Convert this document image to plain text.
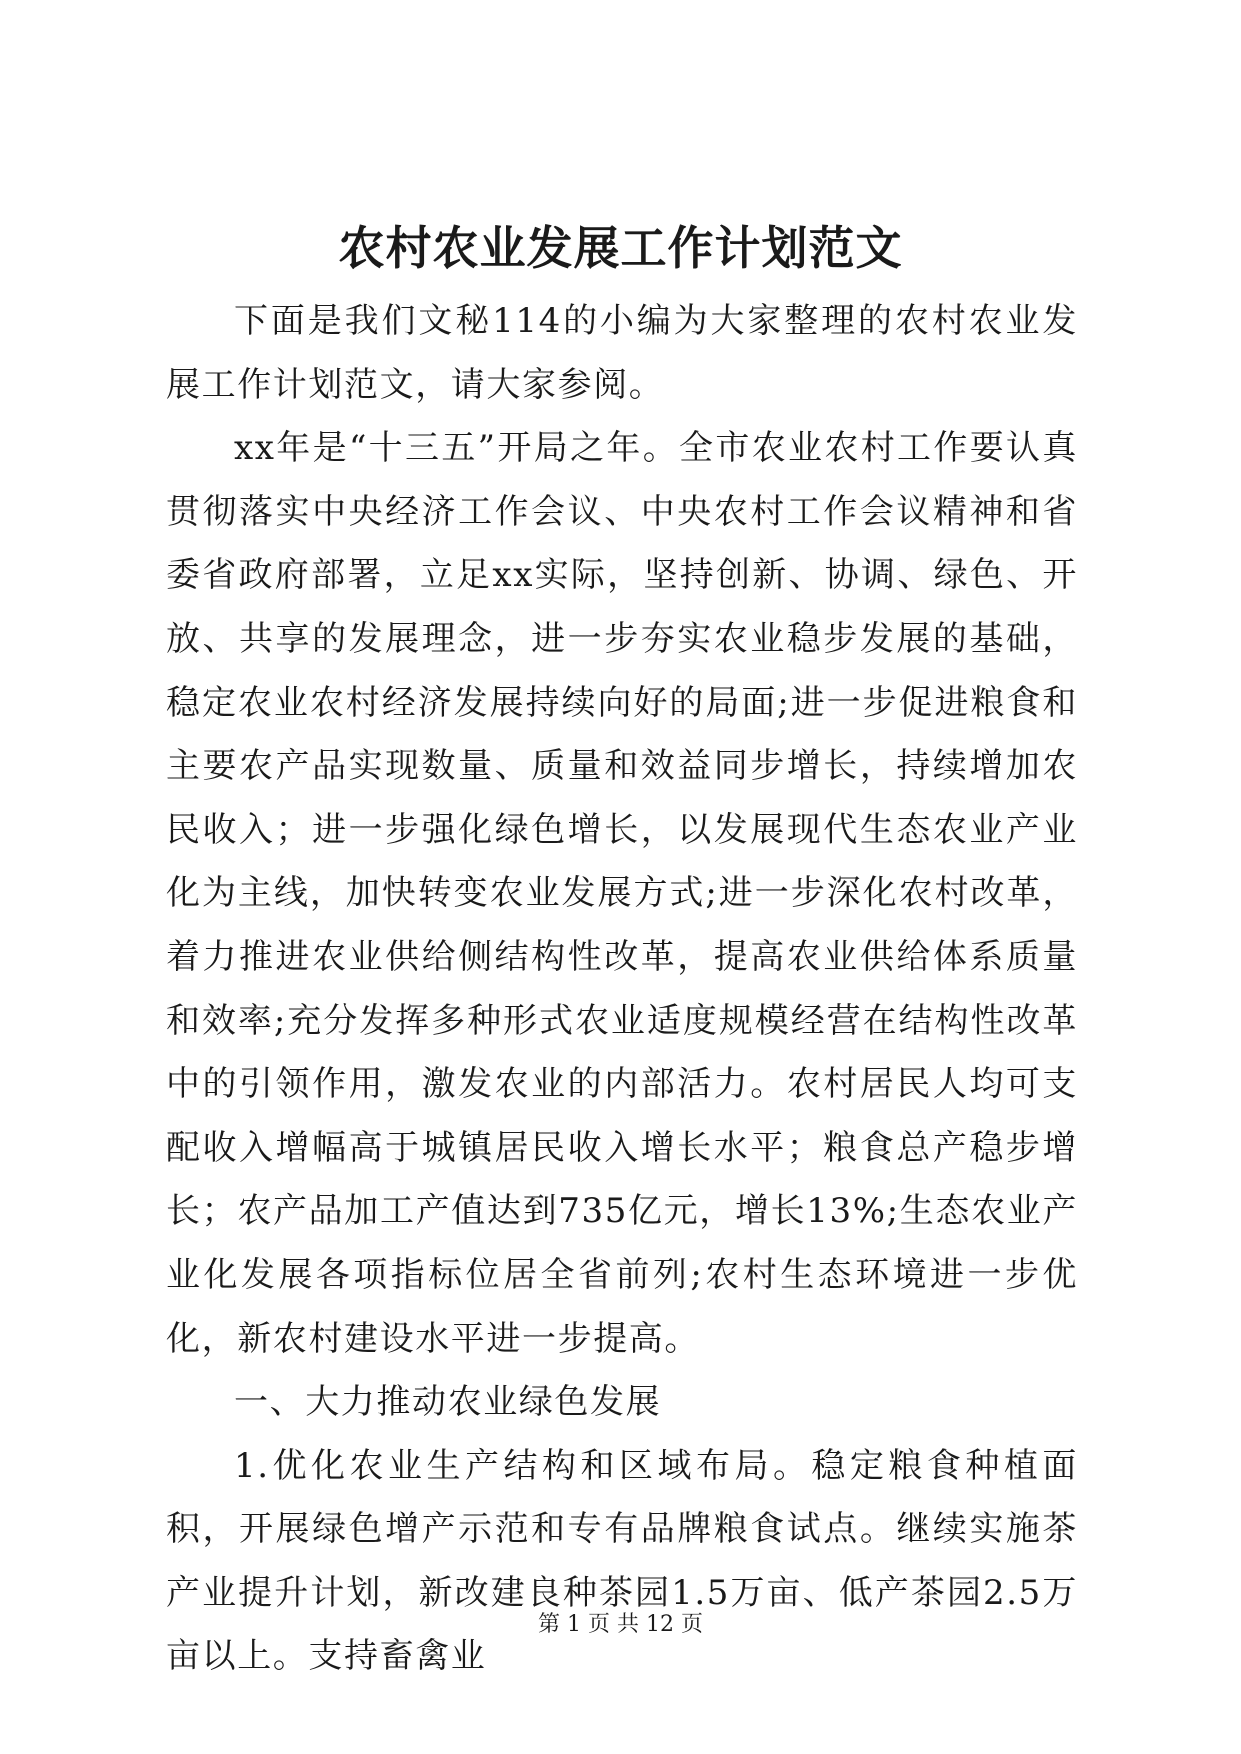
农村农业发展工作计划范文

下面是我们文秘114的小编为大家整理的农村农业发展工作计划范文，请大家参阅。

xx年是“十三五”开局之年。全市农业农村工作要认真贯彻落实中央经济工作会议、中央农村工作会议精神和省委省政府部署，立足xx实际，坚持创新、协调、绿色、开放、共享的发展理念，进一步夯实农业稳步发展的基础，稳定农业农村经济发展持续向好的局面;进一步促进粮食和主要农产品实现数量、质量和效益同步增长，持续增加农民收入；进一步强化绿色增长，以发展现代生态农业产业化为主线，加快转变农业发展方式;进一步深化农村改革，着力推进农业供给侧结构性改革，提高农业供给体系质量和效率;充分发挥多种形式农业适度规模经营在结构性改革中的引领作用，激发农业的内部活力。农村居民人均可支配收入增幅高于城镇居民收入增长水平；粮食总产稳步增长；农产品加工产值达到735亿元，增长13%;生态农业产业化发展各项指标位居全省前列;农村生态环境进一步优化，新农村建设水平进一步提高。

一、大力推动农业绿色发展

1.优化农业生产结构和区域布局。稳定粮食种植面积，开展绿色增产示范和专有品牌粮食试点。继续实施茶产业提升计划，新改建良种茶园1.5万亩、低产茶园2.5万亩以上。支持畜禽业

第 1 页 共 12 页
